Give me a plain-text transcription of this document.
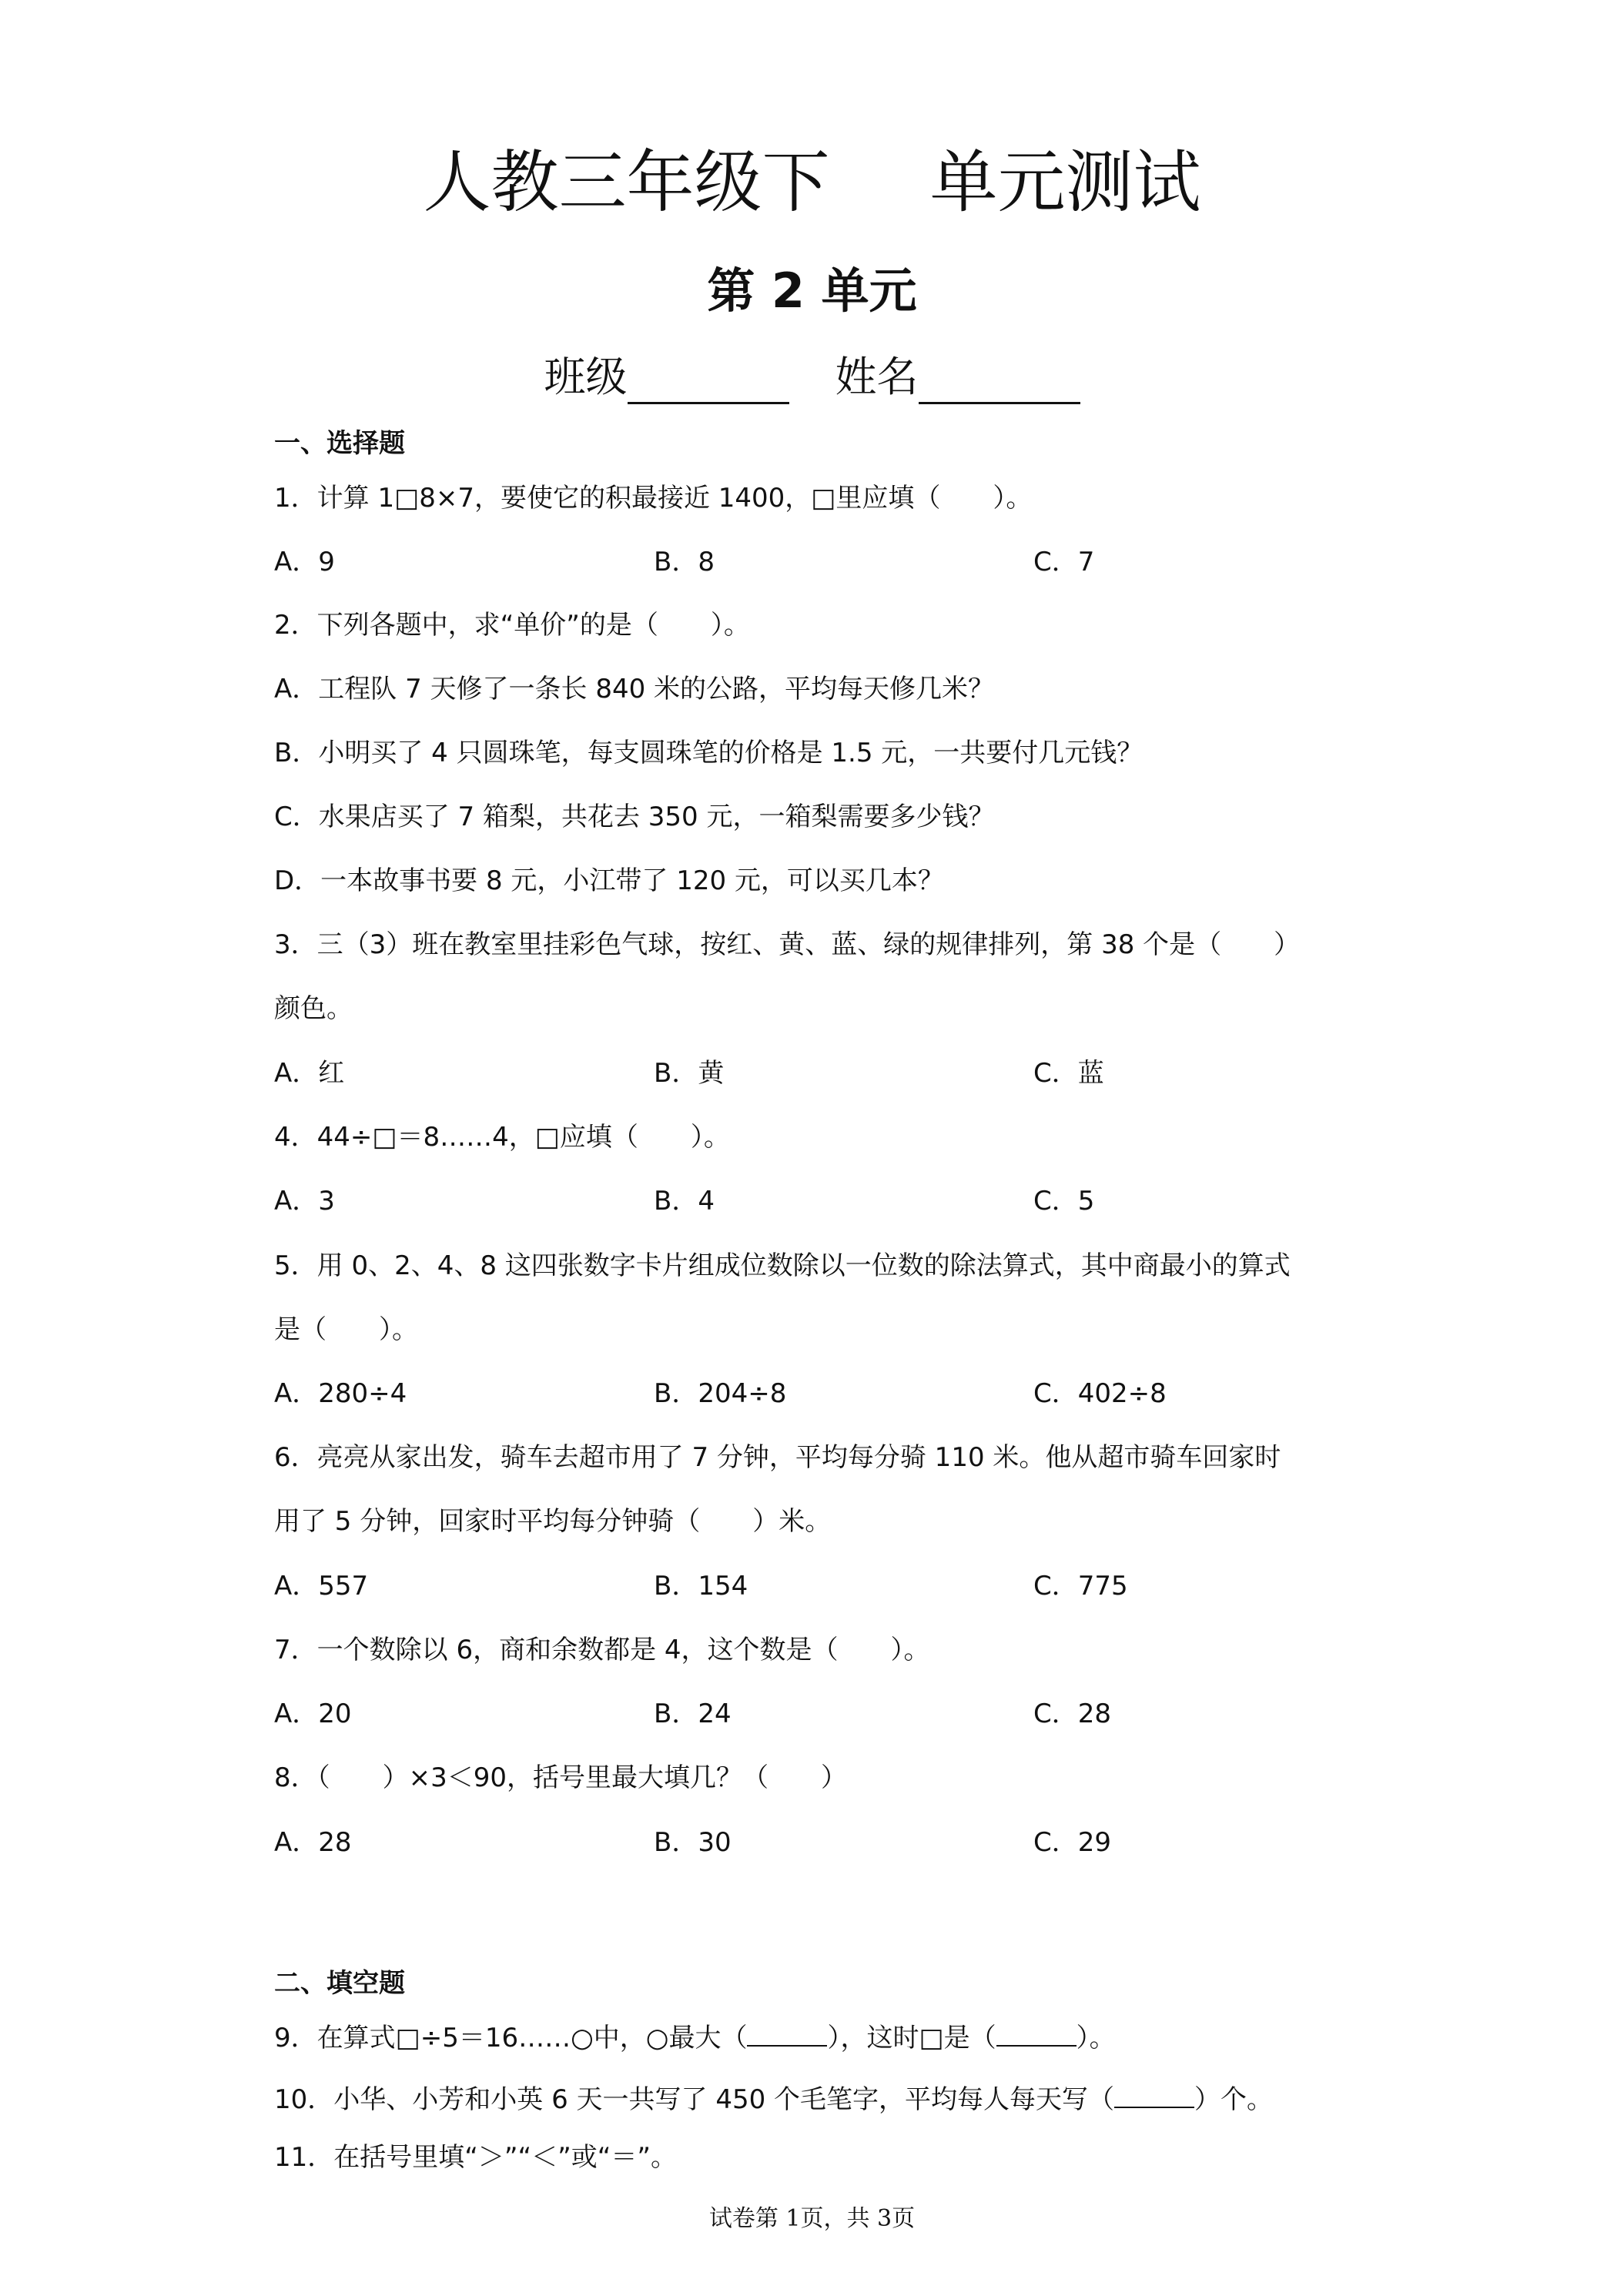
人教三年级下 单元测试
第 2 单元
班级	姓名
一、选择题
1．计算 1□8×7，要使它的积最接近 1400，□里应填（　　）。
A．9	B．8	C．7
2．下列各题中，求“单价”的是（　　）。
A．工程队 7 天修了一条长 840 米的公路，平均每天修几米？
B．小明买了 4 只圆珠笔，每支圆珠笔的价格是 1.5 元，一共要付几元钱？
C．水果店买了 7 箱梨，共花去 350 元，一箱梨需要多少钱？
D．一本故事书要 8 元，小江带了 120 元，可以买几本？
3．三（3）班在教室里挂彩色气球，按红、黄、蓝、绿的规律排列，第 38 个是（　　）
颜色。
A．红	B．黄	C．蓝
4．44÷□＝8……4，□应填（　　）。
A．3	B．4	C．5
5．用 0、2、4、8 这四张数字卡片组成位数除以一位数的除法算式，其中商最小的算式
是（　　）。
A．280÷4	B．204÷8	C．402÷8
6．亮亮从家出发，骑车去超市用了 7 分钟，平均每分骑 110 米。他从超市骑车回家时
用了 5 分钟，回家时平均每分钟骑（　　）米。
A．557	B．154	C．775
7．一个数除以 6，商和余数都是 4，这个数是（　　）。
A．20	B．24	C．28
8．（　　）×3＜90，括号里最大填几？（　　）
A．28	B．30	C．29
二、填空题
9．在算式□÷5＝16……○中，○最大（	），这时□是（	）。
10．小华、小芳和小英 6 天一共写了 450 个毛笔字，平均每人每天写（	）个。
11．在括号里填“＞”“＜”或“＝”。
试卷第 1页，共 3页
